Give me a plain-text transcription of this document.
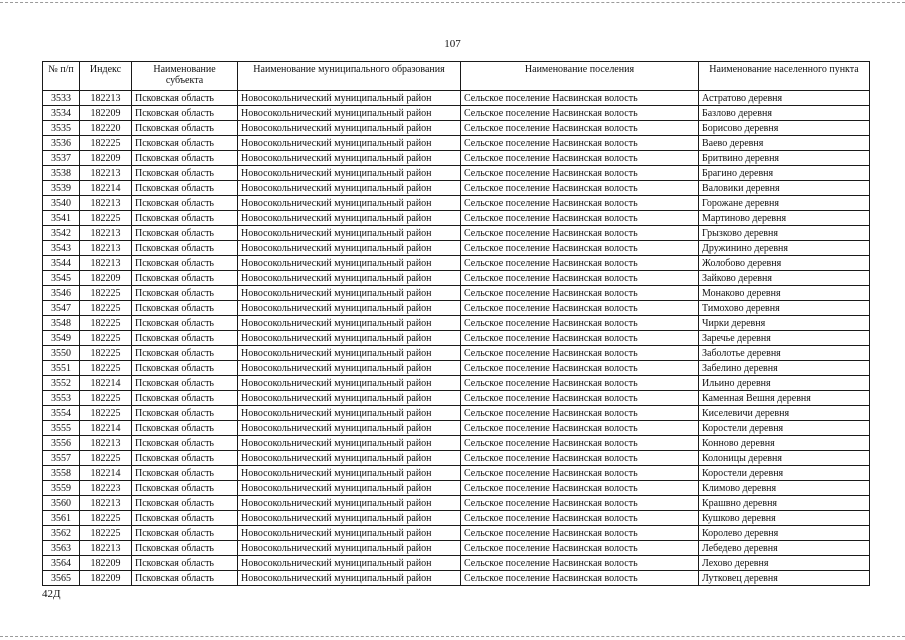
107
№ п/п	Индекс	Наименование субъекта	Наименование муниципального образования	Наименование поселения	Наименование населенного пункта
3533	182213	Псковская область	Новосокольнический муниципальный район	Сельское поселение Насвинская волость	Астратово деревня
3534	182209	Псковская область	Новосокольнический муниципальный район	Сельское поселение Насвинская волость	Базлово деревня
3535	182220	Псковская область	Новосокольнический муниципальный район	Сельское поселение Насвинская волость	Борисово деревня
3536	182225	Псковская область	Новосокольнический муниципальный район	Сельское поселение Насвинская волость	Ваево деревня
3537	182209	Псковская область	Новосокольнический муниципальный район	Сельское поселение Насвинская волость	Бритвино деревня
3538	182213	Псковская область	Новосокольнический муниципальный район	Сельское поселение Насвинская волость	Брагино деревня
3539	182214	Псковская область	Новосокольнический муниципальный район	Сельское поселение Насвинская волость	Валовики деревня
3540	182213	Псковская область	Новосокольнический муниципальный район	Сельское поселение Насвинская волость	Горожане деревня
3541	182225	Псковская область	Новосокольнический муниципальный район	Сельское поселение Насвинская волость	Мартиново деревня
3542	182213	Псковская область	Новосокольнический муниципальный район	Сельское поселение Насвинская волость	Грызково деревня
3543	182213	Псковская область	Новосокольнический муниципальный район	Сельское поселение Насвинская волость	Дружинино деревня
3544	182213	Псковская область	Новосокольнический муниципальный район	Сельское поселение Насвинская волость	Жолобово деревня
3545	182209	Псковская область	Новосокольнический муниципальный район	Сельское поселение Насвинская волость	Зайково деревня
3546	182225	Псковская область	Новосокольнический муниципальный район	Сельское поселение Насвинская волость	Монаково деревня
3547	182225	Псковская область	Новосокольнический муниципальный район	Сельское поселение Насвинская волость	Тимохово деревня
3548	182225	Псковская область	Новосокольнический муниципальный район	Сельское поселение Насвинская волость	Чирки деревня
3549	182225	Псковская область	Новосокольнический муниципальный район	Сельское поселение Насвинская волость	Заречье деревня
3550	182225	Псковская область	Новосокольнический муниципальный район	Сельское поселение Насвинская волость	Заболотье деревня
3551	182225	Псковская область	Новосокольнический муниципальный район	Сельское поселение Насвинская волость	Забелино деревня
3552	182214	Псковская область	Новосокольнический муниципальный район	Сельское поселение Насвинская волость	Ильино деревня
3553	182225	Псковская область	Новосокольнический муниципальный район	Сельское поселение Насвинская волость	Каменная Вешня деревня
3554	182225	Псковская область	Новосокольнический муниципальный район	Сельское поселение Насвинская волость	Киселевичи деревня
3555	182214	Псковская область	Новосокольнический муниципальный район	Сельское поселение Насвинская волость	Коростели деревня
3556	182213	Псковская область	Новосокольнический муниципальный район	Сельское поселение Насвинская волость	Конново деревня
3557	182225	Псковская область	Новосокольнический муниципальный район	Сельское поселение Насвинская волость	Колоницы деревня
3558	182214	Псковская область	Новосокольнический муниципальный район	Сельское поселение Насвинская волость	Коростели деревня
3559	182223	Псковская область	Новосокольнический муниципальный район	Сельское поселение Насвинская волость	Климово деревня
3560	182213	Псковская область	Новосокольнический муниципальный район	Сельское поселение Насвинская волость	Крашвно деревня
3561	182225	Псковская область	Новосокольнический муниципальный район	Сельское поселение Насвинская волость	Кушково деревня
3562	182225	Псковская область	Новосокольнический муниципальный район	Сельское поселение Насвинская волость	Королево деревня
3563	182213	Псковская область	Новосокольнический муниципальный район	Сельское поселение Насвинская волость	Лебедево деревня
3564	182209	Псковская область	Новосокольнический муниципальный район	Сельское поселение Насвинская волость	Лехово деревня
3565	182209	Псковская область	Новосокольнический муниципальный район	Сельское поселение Насвинская волость	Лутковец деревня
42Д
